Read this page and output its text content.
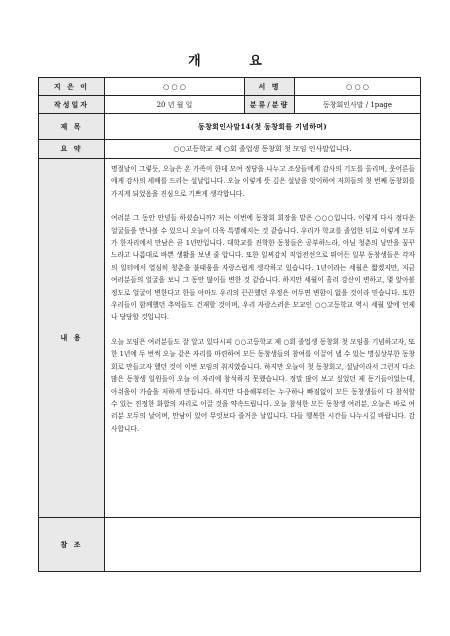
개 요
지 은 이	○ ○ ○	서 명	○ ○ ○
작성일자	20 년 월 일	분류/분량	동창회인사말 / 1page
제 목	동창회인사말14(첫 동창회를 기념하며)		
요 약	○○고등학교 제 ○회 졸업생 동창회 첫 모임 인사말입니다.		
내 용	명절날이 그렇듯, 오늘은 온 가족이 한데 모여 정담을 나누고 조상들에게 감사의 기도를 올리며, 웃어른들에게 감사의 세배를 드리는 설날입니다. 오늘 이렇게 뜻 깊은 설날을 맞이하여 저희들의 첫 번째 동창회를 가지게 되었음을 진심으로 기쁘게 생각합니다.

여러분 그 동안 안녕들 하셨습니까? 저는 이번에 동창회 회장을 맡은 ○○○입니다. 이렇게 다시 정다운 얼굴들을 만나볼 수 있으니 오늘이 더욱 특별해지는 것 같습니다. 우리가 학교를 졸업한 뒤로 이렇게 모두가 한자리에서 만남은 곧 1년만입니다. 대학교를 진학한 동창들은 공부하느라, 아님 청춘의 낭만을 꿈꾸느라고 나름대로 바쁜 생활을 보낸 줄 압니다. 또한 일찌감치 직업전선으로 뛰어든 일부 동창생들은 각자의 일터에서 열심히 청춘을 불태움을 자랑스럽게 생각하고 있습니다. 1년이라는 세월은 짧겠지만, 지금 여러분들의 얼굴을 보니 그 동안 많이들 변한 것 같습니다. 하지만 세월이 흘러 강산이 변하고, 몇 앞아볼 정도로 얼굴이 변한다고 한들 아마도 우리의 끈끈했던 우정은 어두면 변함이 없을 것이라 믿습니다. 또한 우리들이 함께했던 추억들도 건재할 것이며, 우리 자랑스러운 모교인 ○○고등학교 역시 세월 앞에 언제나 당당할 것입니다.

오늘 모임은 여러분들도 잘 알고 있다시피 ○○고등학교 제 ○회 졸업생 동창회 첫 모임을 기념하고자, 또한 1년에 두 번씩 오늘 같은 자리를 마련하여 모든 동창생들의 참여를 이끌어 낼 수 있는 명실상부한 동창회로 만들고자 했던 것이 이번 모임의 취지였습니다. 하지만 오늘이 첫 동창회고, 설날이라서 그런지 다소 많은 동창생 일원들이 오늘 이 자리에 참석하지 못했습니다. 정말 많이 보고 싶었던 제 동기들이었는데, 아쉬움이 가슴을 저하게 만듭니다. 하지만 다음해부터는 누구하나 빠짐없이 모든 동창생들이 다 참석할 수 있는 진정한 화합의 자리로 이끌 것을 약속드립니다. 오늘 참석한 모든 동창생 여러분, 오늘은 바로 여러분 모두의 날이며, 만남이 있어 무엇보다 즐거운 날입니다. 다들 행복한 시간들 나누시길 바랍니다. 감사합니다.		

참 조			
